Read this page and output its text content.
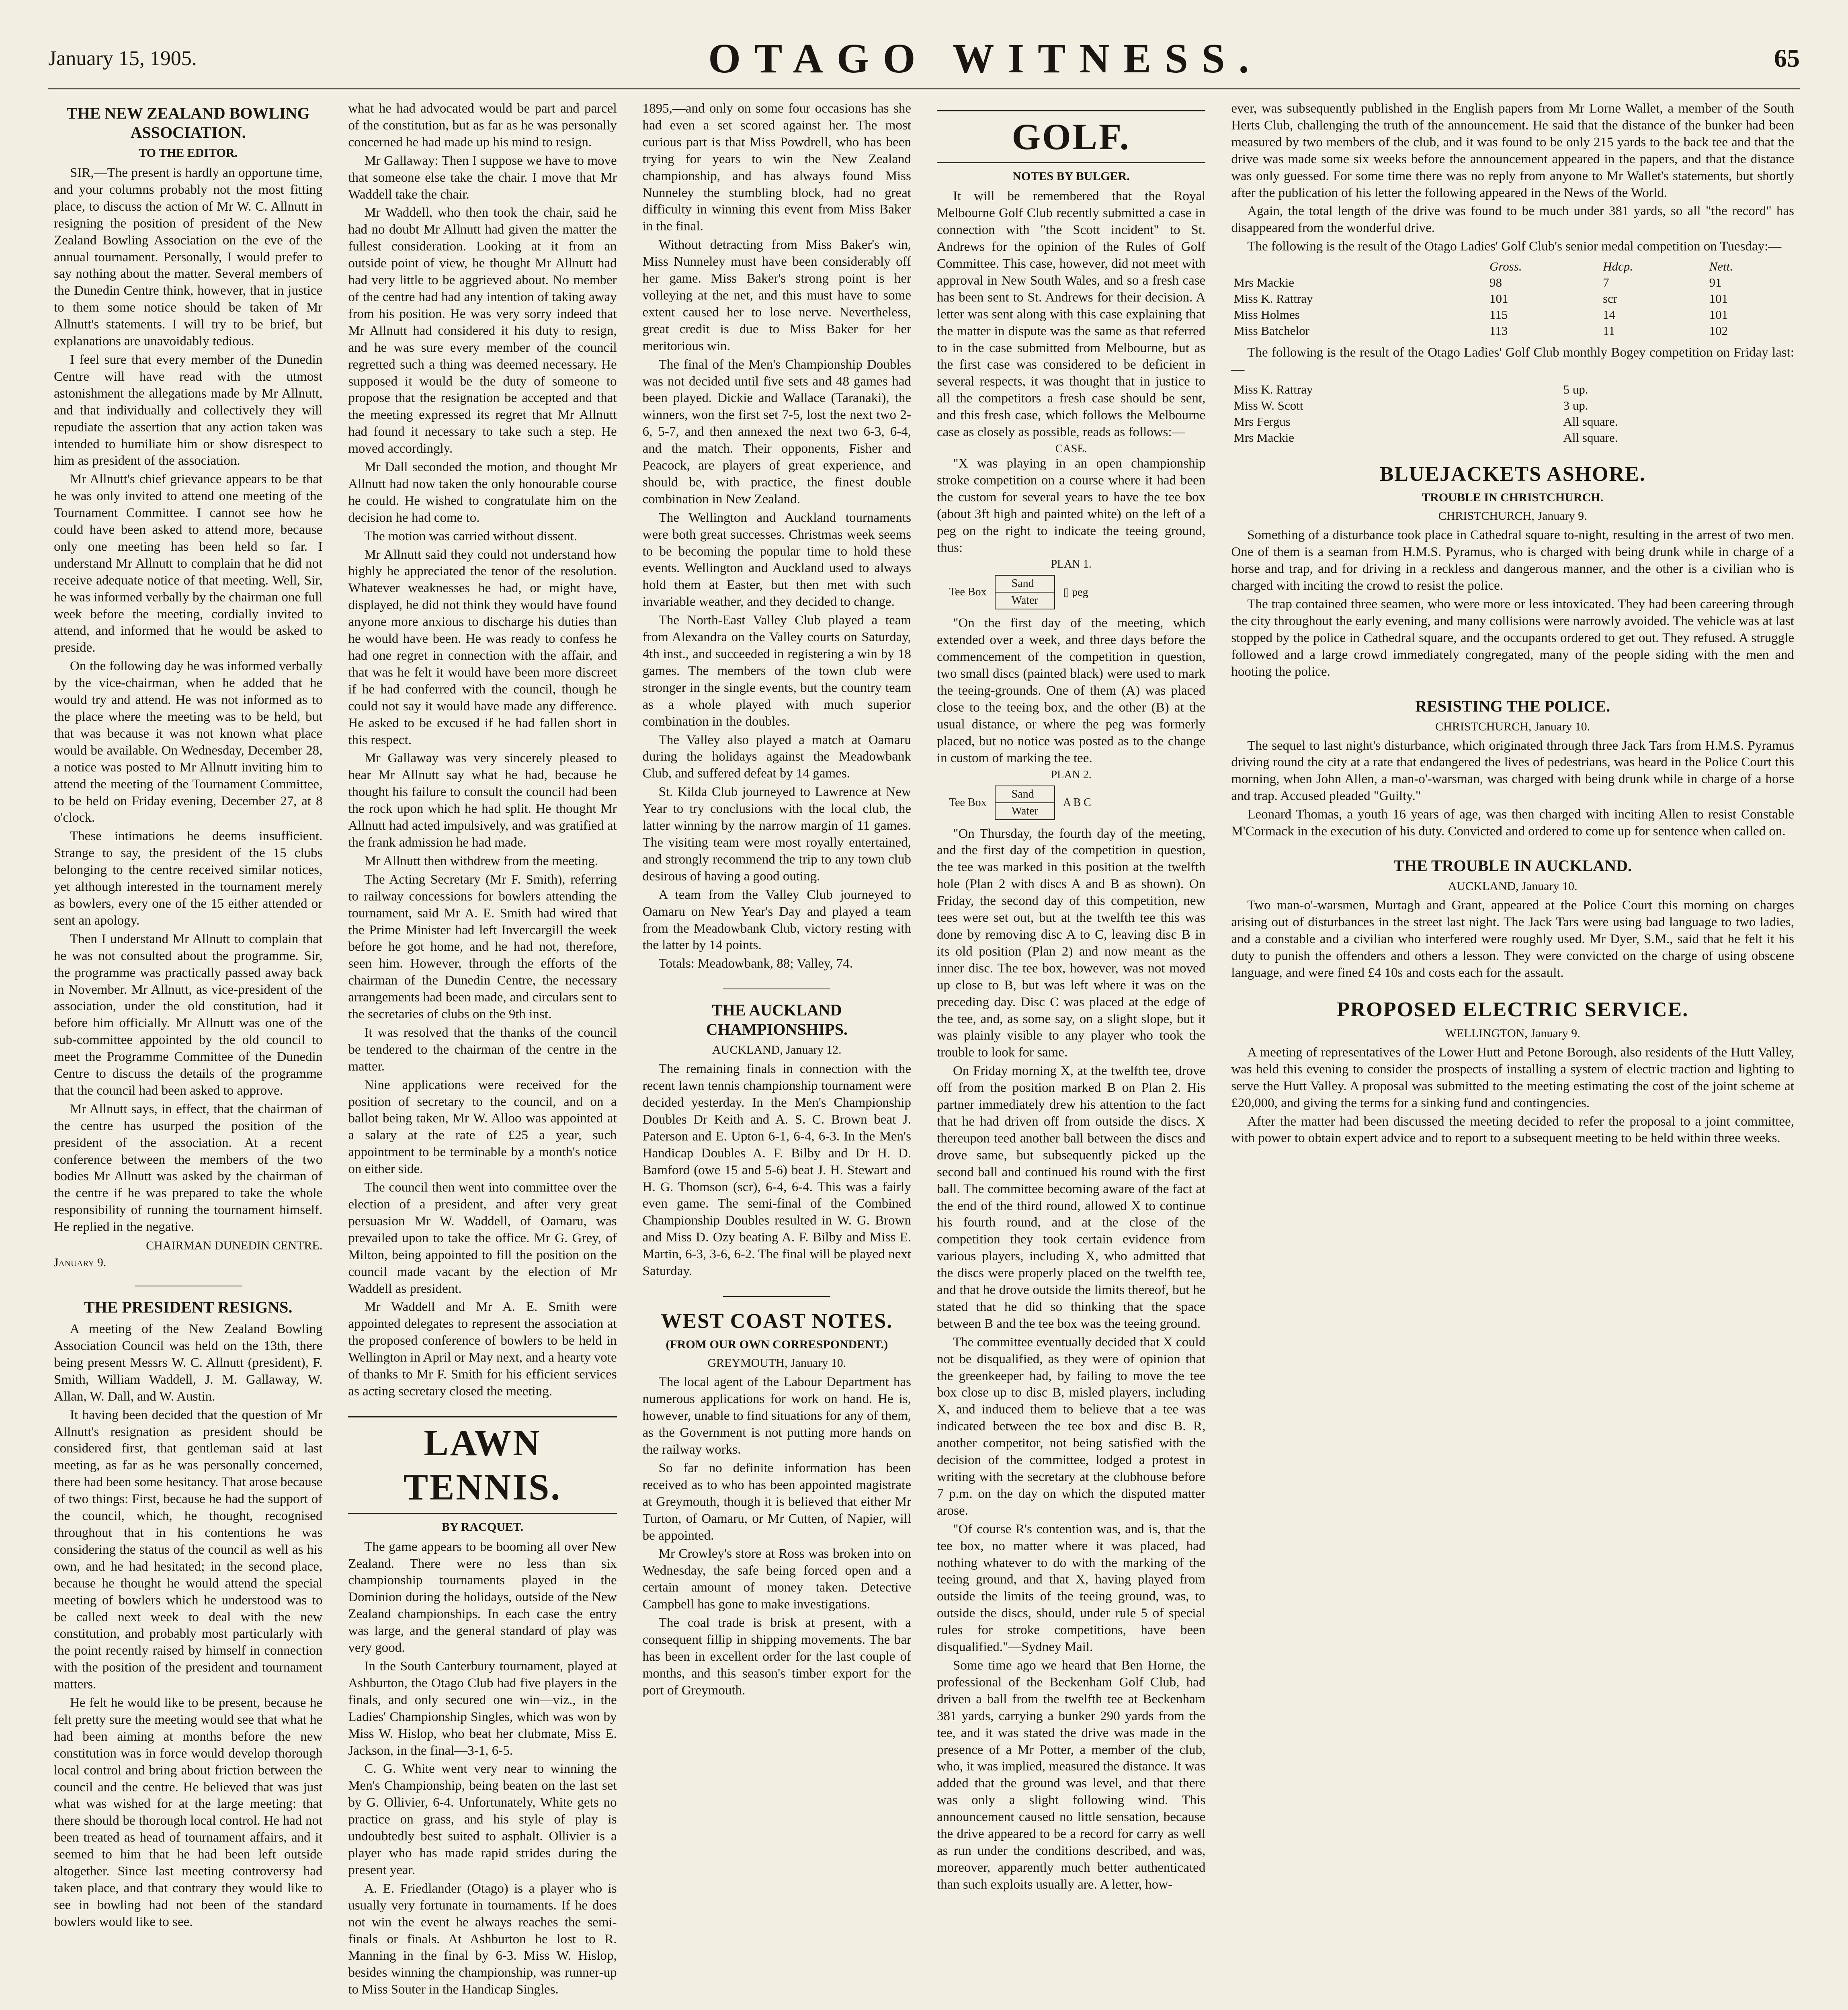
January 15, 1905.	OTAGO WITNESS.	65
THE NEW ZEALAND BOWLING ASSOCIATION.
TO THE EDITOR.

SIR,—The present is hardly an opportune time, and your columns probably not the most fitting place, to discuss the action of Mr W. C. Allnutt in resigning the position of president of the New Zealand Bowling Association on the eve of the annual tournament. Personally, I would prefer to say nothing about the matter. Several members of the Dunedin Centre think, however, that in justice to them some notice should be taken of Mr Allnutt's statements. I will try to be brief, but explanations are unavoidably tedious.

I feel sure that every member of the Dunedin Centre will have read with the utmost astonishment the allegations made by Mr Allnutt, and that individually and collectively they will repudiate the assertion that any action taken was intended to humiliate him or show disrespect to him as president of the association.

Mr Allnutt's chief grievance appears to be that he was only invited to attend one meeting of the Tournament Committee. I cannot see how he could have been asked to attend more, because only one meeting has been held so far. I understand Mr Allnutt to complain that he did not receive adequate notice of that meeting. Well, Sir, he was informed verbally by the chairman one full week before the meeting, cordially invited to attend, and informed that he would be asked to preside.

On the following day he was informed verbally by the vice-chairman, when he added that he would try and attend. He was not informed as to the place where the meeting was to be held, but that was because it was not known what place would be available. On Wednesday, December 28, a notice was posted to Mr Allnutt inviting him to attend the meeting of the Tournament Committee, to be held on Friday evening, December 27, at 8 o'clock.

These intimations he deems insufficient. Strange to say, the president of the 15 clubs belonging to the centre received similar notices, yet although interested in the tournament merely as bowlers, every one of the 15 either attended or sent an apology.

Then I understand Mr Allnutt to complain that he was not consulted about the programme. Sir, the programme was practically passed away back in November. Mr Allnutt, as vice-president of the association, under the old constitution, had it before him officially. Mr Allnutt was one of the sub-committee appointed by the old council to meet the Programme Committee of the Dunedin Centre to discuss the details of the programme that the council had been asked to approve.

Mr Allnutt says, in effect, that the chairman of the centre has usurped the position of the president of the association. At a recent conference between the members of the two bodies Mr Allnutt was asked by the chairman of the centre if he was prepared to take the whole responsibility of running the tournament himself. He replied in the negative.

CHAIRMAN DUNEDIN CENTRE.
January 9.
THE PRESIDENT RESIGNS.

A meeting of the New Zealand Bowling Association Council was held on the 13th, there being present Messrs W. C. Allnutt (president), F. Smith, William Waddell, J. M. Gallaway, W. Allan, W. Dall, and W. Austin.

It having been decided that the question of Mr Allnutt's resignation as president should be considered first, that gentleman said at last meeting, as far as he was personally concerned, there had been some hesitancy. That arose because of two things: First, because he had the support of the council, which, he thought, recognised throughout that in his contentions he was considering the status of the council as well as his own, and he had hesitated; in the second place, because he thought he would attend the special meeting of bowlers which he understood was to be called next week to deal with the new constitution, and probably most particularly with the point recently raised by himself in connection with the position of the president and tournament matters.

He felt he would like to be present, because he felt pretty sure the meeting would see that what he had been aiming at months before the new constitution was in force would develop thorough local control and bring about friction between the council and the centre. He believed that was just what was wished for at the large meeting: that there should be thorough local control. He had not been treated as head of tournament affairs, and it seemed to him that he had been left outside altogether. Since last meeting controversy had taken place, and that contrary they would like to see in bowling had not been of the standard bowlers would like to see.

what he had advocated would be part and parcel of the constitution, but as far as he was personally concerned he had made up his mind to resign.

Mr Gallaway: Then I suppose we have to move that someone else take the chair. I move that Mr Waddell take the chair.

Mr Waddell, who then took the chair, said he had no doubt Mr Allnutt had given the matter the fullest consideration. Looking at it from an outside point of view, he thought Mr Allnutt had had very little to be aggrieved about. No member of the centre had had any intention of taking away from his position. He was very sorry indeed that Mr Allnutt had considered it his duty to resign, and he was sure every member of the council regretted such a thing was deemed necessary. He supposed it would be the duty of someone to propose that the resignation be accepted and that the meeting expressed its regret that Mr Allnutt had found it necessary to take such a step. He moved accordingly.

Mr Dall seconded the motion, and thought Mr Allnutt had now taken the only honourable course he could. He wished to congratulate him on the decision he had come to.

The motion was carried without dissent.

Mr Allnutt said they could not understand how highly he appreciated the tenor of the resolution. Whatever weaknesses he had, or might have, displayed, he did not think they would have found anyone more anxious to discharge his duties than he would have been. He was ready to confess he had one regret in connection with the affair, and that was he felt it would have been more discreet if he had conferred with the council, though he could not say it would have made any difference. He asked to be excused if he had fallen short in this respect.

Mr Gallaway was very sincerely pleased to hear Mr Allnutt say what he had, because he thought his failure to consult the council had been the rock upon which he had split. He thought Mr Allnutt had acted impulsively, and was gratified at the frank admission he had made.

Mr Allnutt then withdrew from the meeting.

The Acting Secretary (Mr F. Smith), referring to railway concessions for bowlers attending the tournament, said Mr A. E. Smith had wired that the Prime Minister had left Invercargill the week before he got home, and he had not, therefore, seen him. However, through the efforts of the chairman of the Dunedin Centre, the necessary arrangements had been made, and circulars sent to the secretaries of clubs on the 9th inst.

It was resolved that the thanks of the council be tendered to the chairman of the centre in the matter.

Nine applications were received for the position of secretary to the council, and on a ballot being taken, Mr W. Alloo was appointed at a salary at the rate of £25 a year, such appointment to be terminable by a month's notice on either side.

The council then went into committee over the election of a president, and after very great persuasion Mr W. Waddell, of Oamaru, was prevailed upon to take the office. Mr G. Grey, of Milton, being appointed to fill the position on the council made vacant by the election of Mr Waddell as president.

Mr Waddell and Mr A. E. Smith were appointed delegates to represent the association at the proposed conference of bowlers to be held in Wellington in April or May next, and a hearty vote of thanks to Mr F. Smith for his efficient services as acting secretary closed the meeting.

LAWN TENNIS.
BY RACQUET.

The game appears to be booming all over New Zealand. There were no less than six championship tournaments played in the Dominion during the holidays, outside of the New Zealand championships. In each case the entry was large, and the general standard of play was very good.

In the South Canterbury tournament, played at Ashburton, the Otago Club had five players in the finals, and only secured one win—viz., in the Ladies' Championship Singles, which was won by Miss W. Hislop, who beat her clubmate, Miss E. Jackson, in the final—3-1, 6-5.

C. G. White went very near to winning the Men's Championship, being beaten on the last set by G. Ollivier, 6-4. Unfortunately, White gets no practice on grass, and his style of play is undoubtedly best suited to asphalt. Ollivier is a player who has made rapid strides during the present year.

A. E. Friedlander (Otago) is a player who is usually very fortunate in tournaments. If he does not win the event he always reaches the semi-finals or finals. At Ashburton he lost to R. Manning in the final by 6-3. Miss W. Hislop, besides winning the championship, was runner-up to Miss Souter in the Handicap Singles.

1895,—and only on some four occasions has she had even a set scored against her. The most curious part is that Miss Powdrell, who has been trying for years to win the New Zealand championship, and has always found Miss Nunneley the stumbling block, had no great difficulty in winning this event from Miss Baker in the final.

Without detracting from Miss Baker's win, Miss Nunneley must have been considerably off her game. Miss Baker's strong point is her volleying at the net, and this must have to some extent caused her to lose nerve. Nevertheless, great credit is due to Miss Baker for her meritorious win.

The final of the Men's Championship Doubles was not decided until five sets and 48 games had been played. Dickie and Wallace (Taranaki), the winners, won the first set 7-5, lost the next two 2-6, 5-7, and then annexed the next two 6-3, 6-4, and the match. Their opponents, Fisher and Peacock, are players of great experience, and should be, with practice, the finest double combination in New Zealand.

The Wellington and Auckland tournaments were both great successes. Christmas week seems to be becoming the popular time to hold these events. Wellington and Auckland used to always hold them at Easter, but then met with such invariable weather, and they decided to change.

The North-East Valley Club played a team from Alexandra on the Valley courts on Saturday, 4th inst., and succeeded in registering a win by 18 games. The members of the town club were stronger in the single events, but the country team as a whole played with much superior combination in the doubles.

The Valley also played a match at Oamaru during the holidays against the Meadowbank Club, and suffered defeat by 14 games.

St. Kilda Club journeyed to Lawrence at New Year to try conclusions with the local club, the latter winning by the narrow margin of 11 games. The visiting team were most royally entertained, and strongly recommend the trip to any town club desirous of having a good outing.

A team from the Valley Club journeyed to Oamaru on New Year's Day and played a team from the Meadowbank Club, victory resting with the latter by 14 points.

Totals: Meadowbank, 88; Valley, 74.

THE AUCKLAND CHAMPIONSHIPS.
AUCKLAND, January 12.

The remaining finals in connection with the recent lawn tennis championship tournament were decided yesterday. In the Men's Championship Doubles Dr Keith and A. S. C. Brown beat J. Paterson and E. Upton 6-1, 6-4, 6-3. In the Men's Handicap Doubles A. F. Bilby and Dr H. D. Bamford (owe 15 and 5-6) beat J. H. Stewart and H. G. Thomson (scr), 6-4, 6-4. This was a fairly even game. The semi-final of the Combined Championship Doubles resulted in W. G. Brown and Miss D. Ozy beating A. F. Bilby and Miss E. Martin, 6-3, 3-6, 6-2. The final will be played next Saturday.

WEST COAST NOTES.
(FROM OUR OWN CORRESPONDENT.)
GREYMOUTH, January 10.

The local agent of the Labour Department has numerous applications for work on hand. He is, however, unable to find situations for any of them, as the Government is not putting more hands on the railway works.

So far no definite information has been received as to who has been appointed magistrate at Greymouth, though it is believed that either Mr Turton, of Oamaru, or Mr Cutten, of Napier, will be appointed.

Mr Crowley's store at Ross was broken into on Wednesday, the safe being forced open and a certain amount of money taken. Detective Campbell has gone to make investigations.

The coal trade is brisk at present, with a consequent fillip in shipping movements. The bar has been in excellent order for the last couple of months, and this season's timber export for the port of Greymouth.

GOLF.
NOTES BY BULGER.

It will be remembered that the Royal Melbourne Golf Club recently submitted a case in connection with "the Scott incident" to St. Andrews for the opinion of the Rules of Golf Committee. This case, however, did not meet with approval in New South Wales, and so a fresh case has been sent to St. Andrews for their decision. A letter was sent along with this case explaining that the matter in dispute was the same as that referred to in the case submitted from Melbourne, but as the first case was considered to be deficient in several respects, it was thought that in justice to all the competitors a fresh case should be sent, and this fresh case, which follows the Melbourne case as closely as possible, reads as follows:—

CASE.

"X was playing in an open championship stroke competition on a course where it had been the custom for several years to have the tee box (about 3ft high and painted white) on the left of a peg on the right to indicate the teeing ground, thus:

PLAN 1.
Tee Box
Sand
Water
▯ peg

"On the first day of the meeting, which extended over a week, and three days before the commencement of the competition in question, two small discs (painted black) were used to mark the teeing-grounds. One of them (A) was placed close to the teeing box, and the other (B) at the usual distance, or where the peg was formerly placed, but no notice was posted as to the change in custom of marking the tee.

PLAN 2.
Tee Box
Sand
Water
A B C

"On Thursday, the fourth day of the meeting, and the first day of the competition in question, the tee was marked in this position at the twelfth hole (Plan 2 with discs A and B as shown). On Friday, the second day of this competition, new tees were set out, but at the twelfth tee this was done by removing disc A to C, leaving disc B in its old position (Plan 2) and now meant as the inner disc. The tee box, however, was not moved up close to B, but was left where it was on the preceding day. Disc C was placed at the edge of the tee, and, as some say, on a slight slope, but it was plainly visible to any player who took the trouble to look for same.

On Friday morning X, at the twelfth tee, drove off from the position marked B on Plan 2. His partner immediately drew his attention to the fact that he had driven off from outside the discs. X thereupon teed another ball between the discs and drove same, but subsequently picked up the second ball and continued his round with the first ball. The committee becoming aware of the fact at the end of the third round, allowed X to continue his fourth round, and at the close of the competition they took certain evidence from various players, including X, who admitted that the discs were properly placed on the twelfth tee, and that he drove outside the limits thereof, but he stated that he did so thinking that the space between B and the tee box was the teeing ground.

The committee eventually decided that X could not be disqualified, as they were of opinion that the greenkeeper had, by failing to move the tee box close up to disc B, misled players, including X, and induced them to believe that a tee was indicated between the tee box and disc B. R, another competitor, not being satisfied with the decision of the committee, lodged a protest in writing with the secretary at the clubhouse before 7 p.m. on the day on which the disputed matter arose.

"Of course R's contention was, and is, that the tee box, no matter where it was placed, had nothing whatever to do with the marking of the teeing ground, and that X, having played from outside the limits of the teeing ground, was, to outside the discs, should, under rule 5 of special rules for stroke competitions, have been disqualified."—Sydney Mail.

Some time ago we heard that Ben Horne, the professional of the Beckenham Golf Club, had driven a ball from the twelfth tee at Beckenham 381 yards, carrying a bunker 290 yards from the tee, and it was stated the drive was made in the presence of a Mr Potter, a member of the club, who, it was implied, measured the distance. It was added that the ground was level, and that there was only a slight following wind. This announcement caused no little sensation, because the drive appeared to be a record for carry as well as run under the conditions described, and was, moreover, apparently much better authenticated than such exploits usually are. A letter, how-

ever, was subsequently published in the English papers from Mr Lorne Wallet, a member of the South Herts Club, challenging the truth of the announcement. He said that the distance of the bunker had been measured by two members of the club, and it was found to be only 215 yards to the back tee and that the drive was made some six weeks before the announcement appeared in the papers, and that the distance was only guessed. For some time there was no reply from anyone to Mr Wallet's statements, but shortly after the publication of his letter the following appeared in the News of the World.

Again, the total length of the drive was found to be much under 381 yards, so all "the record" has disappeared from the wonderful drive.

The following is the result of the Otago Ladies' Golf Club's senior medal competition on Tuesday:—

	Gross.	Hdcp.	Nett.
Mrs Mackie	98	7	91
Miss K. Rattray	101	scr	101
Miss Holmes	115	14	101
Miss Batchelor	113	11	102

The following is the result of the Otago Ladies' Golf Club monthly Bogey competition on Friday last:—

Miss K. Rattray	5 up.
Miss W. Scott	3 up.
Mrs Fergus	All square.
Mrs Mackie	All square.
BLUEJACKETS ASHORE.
TROUBLE IN CHRISTCHURCH.
CHRISTCHURCH, January 9.

Something of a disturbance took place in Cathedral square to-night, resulting in the arrest of two men. One of them is a seaman from H.M.S. Pyramus, who is charged with being drunk while in charge of a horse and trap, and for driving in a reckless and dangerous manner, and the other is a civilian who is charged with inciting the crowd to resist the police.

The trap contained three seamen, who were more or less intoxicated. They had been careering through the city throughout the early evening, and many collisions were narrowly avoided. The vehicle was at last stopped by the police in Cathedral square, and the occupants ordered to get out. They refused. A struggle followed and a large crowd immediately congregated, many of the people siding with the men and hooting the police.

RESISTING THE POLICE.
CHRISTCHURCH, January 10.

The sequel to last night's disturbance, which originated through three Jack Tars from H.M.S. Pyramus driving round the city at a rate that endangered the lives of pedestrians, was heard in the Police Court this morning, when John Allen, a man-o'-warsman, was charged with being drunk while in charge of a horse and trap. Accused pleaded "Guilty."

Leonard Thomas, a youth 16 years of age, was then charged with inciting Allen to resist Constable M'Cormack in the execution of his duty. Convicted and ordered to come up for sentence when called on.

THE TROUBLE IN AUCKLAND.
AUCKLAND, January 10.

Two man-o'-warsmen, Murtagh and Grant, appeared at the Police Court this morning on charges arising out of disturbances in the street last night. The Jack Tars were using bad language to two ladies, and a constable and a civilian who interfered were roughly used. Mr Dyer, S.M., said that he felt it his duty to punish the offenders and others a lesson. They were convicted on the charge of using obscene language, and were fined £4 10s and costs each for the assault.

PROPOSED ELECTRIC SERVICE.
WELLINGTON, January 9.

A meeting of representatives of the Lower Hutt and Petone Borough, also residents of the Hutt Valley, was held this evening to consider the prospects of installing a system of electric traction and lighting to serve the Hutt Valley. A proposal was submitted to the meeting estimating the cost of the joint scheme at £20,000, and giving the terms for a sinking fund and contingencies.

After the matter had been discussed the meeting decided to refer the proposal to a joint committee, with power to obtain expert advice and to report to a subsequent meeting to be held within three weeks.
